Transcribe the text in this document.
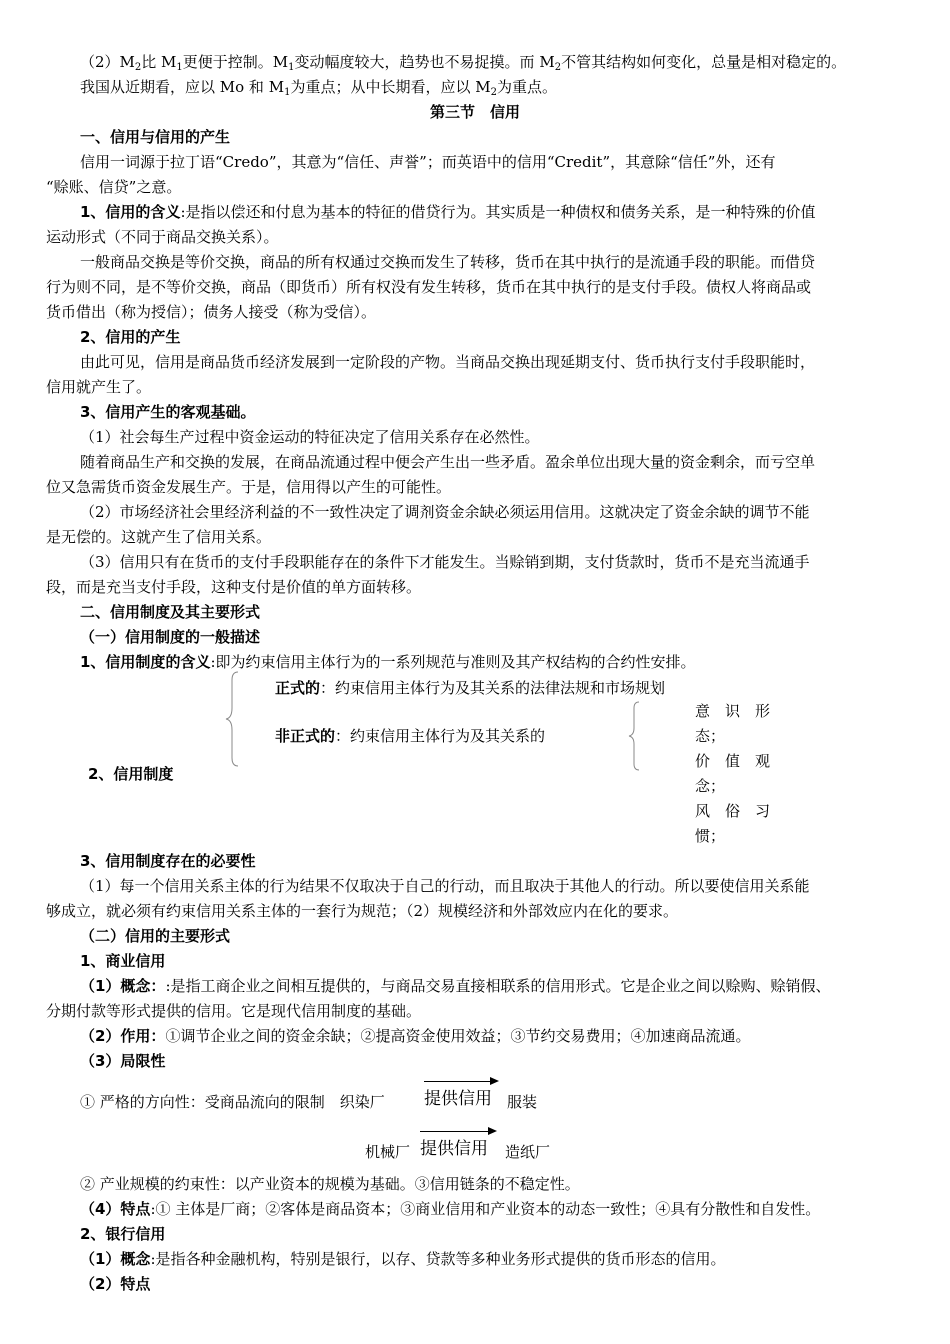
$(2)M_2$比 $M_1$更便于控制。$M_1$变动幅度较大，趋势也不易捉摸。而 $M_2$不管其结构如何变化，总量是相对稳定的。
我国从近期看，应以 Mo 和 $M_1$为重点；从中长期看，应以 $M_2$为重点。
第三节　信用
一、信用与信用的产生
信用一词源于拉丁语“Credo”，其意为“信任、声誉”；而英语中的信用“Credit”，其意除“信任”外，还有
“赊账、信贷”之意。
1、信用的含义:是指以偿还和付息为基本的特征的借贷行为。其实质是一种债权和债务关系，是一种特殊的价值
运动形式（不同于商品交换关系）。
一般商品交换是等价交换，商品的所有权通过交换而发生了转移，货币在其中执行的是流通手段的职能。而借贷
行为则不同，是不等价交换，商品（即货币）所有权没有发生转移，货币在其中执行的是支付手段。债权人将商品或
货币借出（称为授信）；债务人接受（称为受信）。
2、信用的产生
由此可见，信用是商品货币经济发展到一定阶段的产物。当商品交换出现延期支付、货币执行支付手段职能时，
信用就产生了。
3、信用产生的客观基础。
（1）社会每生产过程中资金运动的特征决定了信用关系存在必然性。
随着商品生产和交换的发展，在商品流通过程中便会产生出一些矛盾。盈余单位出现大量的资金剩余，而亏空单
位又急需货币资金发展生产。于是，信用得以产生的可能性。
（2）市场经济社会里经济利益的不一致性决定了调剂资金余缺必须运用信用。这就决定了资金余缺的调节不能
是无偿的。这就产生了信用关系。
（3）信用只有在货币的支付手段职能存在的条件下才能发生。当赊销到期，支付货款时，货币不是充当流通手
段，而是充当支付手段，这种支付是价值的单方面转移。
二、信用制度及其主要形式
（一）信用制度的一般描述
1、信用制度的含义:即为约束信用主体行为的一系列规范与准则及其产权结构的合约性安排。
正式的：约束信用主体行为及其关系的法律法规和市场规划
非正式的：约束信用主体行为及其关系的
意　识　形
态；
价　值　观
念；
风　俗　习
惯；
2、信用制度
3、信用制度存在的必要性
（1）每一个信用关系主体的行为结果不仅取决于自己的行动，而且取决于其他人的行动。所以要使信用关系能
够成立，就必须有约束信用关系主体的一套行为规范；（2）规模经济和外部效应内在化的要求。
（二）信用的主要形式
1、商业信用
（1）概念：:是指工商企业之间相互提供的，与商品交易直接相联系的信用形式。它是企业之间以赊购、赊销假、
分期付款等形式提供的信用。它是现代信用制度的基础。
（2）作用：①调节企业之间的资金余缺；②提高资金使用效益；③节约交易费用；④加速商品流通。
（3）局限性
① 严格的方向性：受商品流向的限制　织染厂	提供信用 服装
机械厂 提供信用 造纸厂
② 产业规模的约束性：以产业资本的规模为基础。③信用链条的不稳定性。
（4）特点:① 主体是厂商；②客体是商品资本；③商业信用和产业资本的动态一致性；④具有分散性和自发性。
2、银行信用
（1）概念:是指各种金融机构，特别是银行，以存、贷款等多种业务形式提供的货币形态的信用。
（2）特点
